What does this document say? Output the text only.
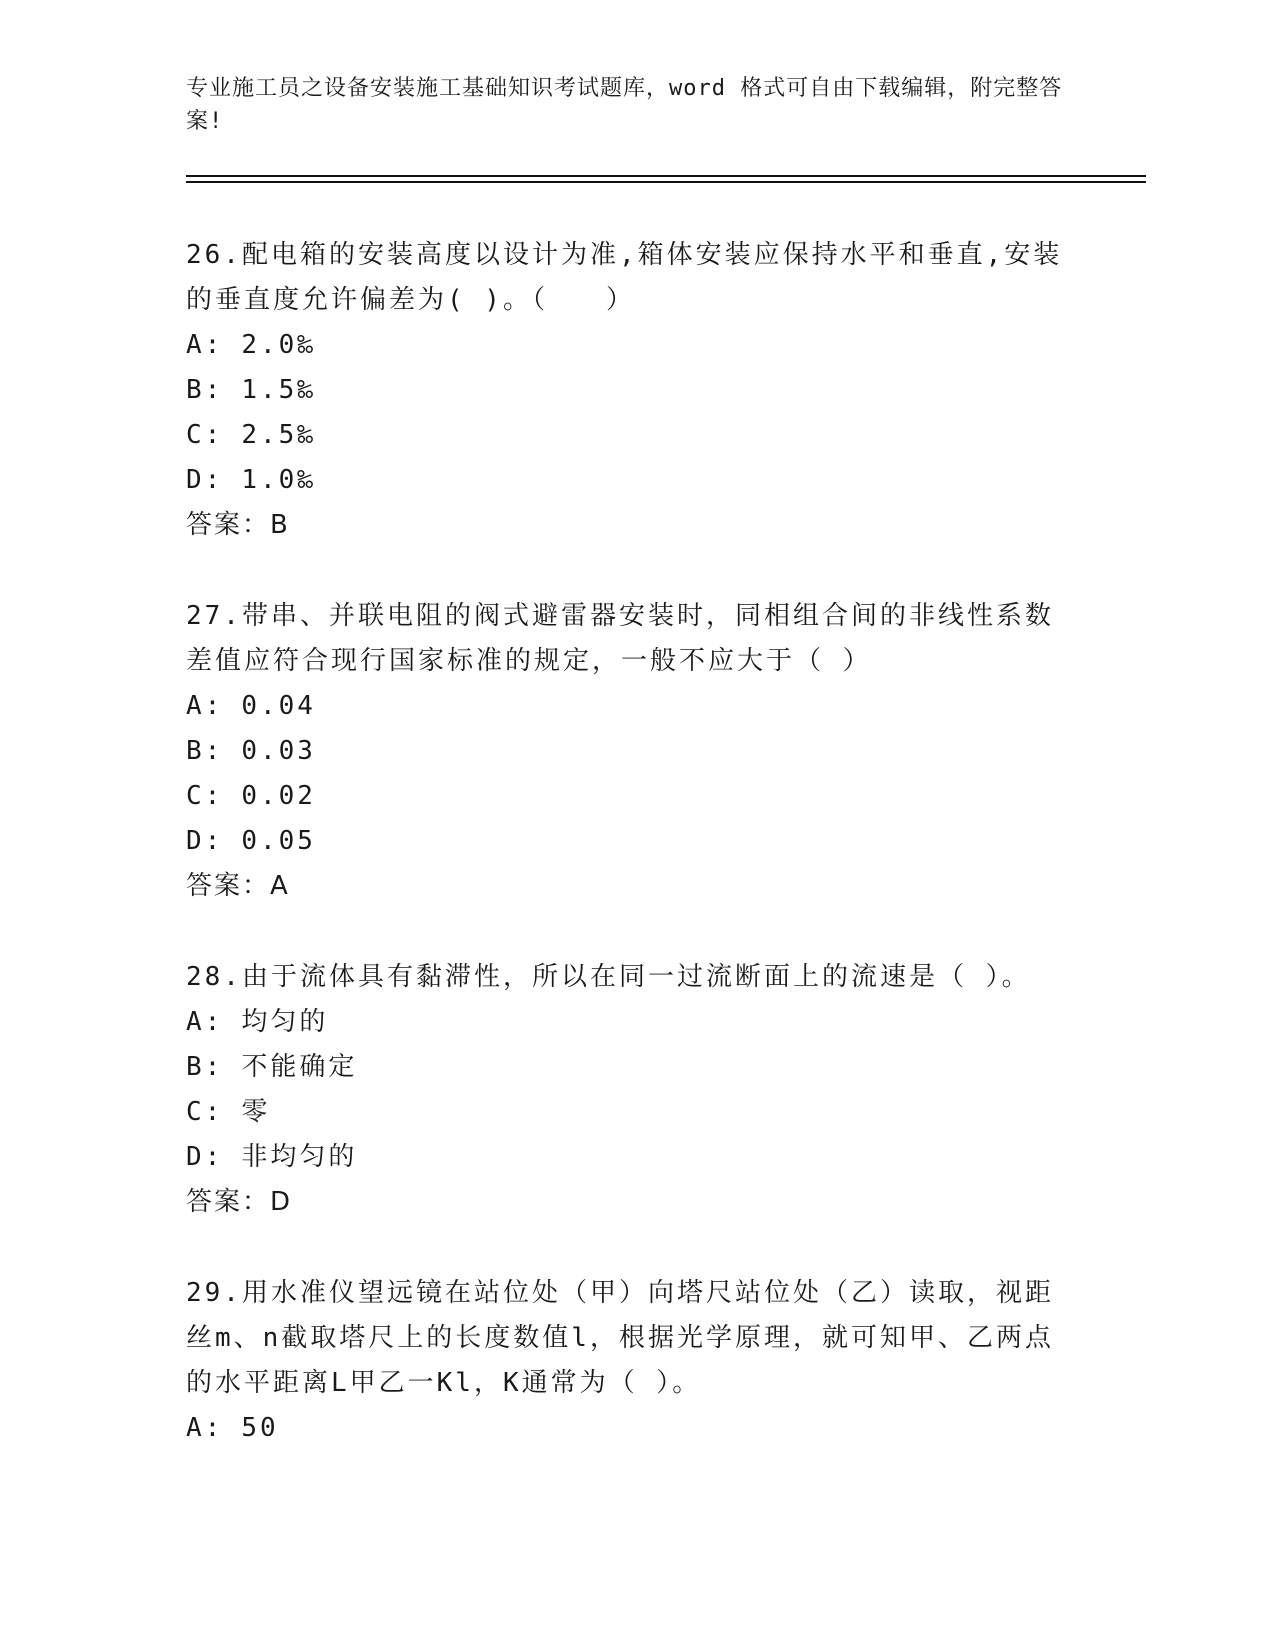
专业施工员之设备安装施工基础知识考试题库，word 格式可自由下载编辑，附完整答案!

26.配电箱的安装高度以设计为准,箱体安装应保持水平和垂直,安装的垂直度允许偏差为( )。（　　）

A: 2.0‰

B: 1.5‰

C: 2.5‰

D: 1.0‰

答案：B

27.带串、并联电阻的阀式避雷器安装时，同相组合间的非线性系数差值应符合现行国家标准的规定，一般不应大于（ ）

A: 0.04

B: 0.03

C: 0.02

D: 0.05

答案：A

28.由于流体具有黏滞性，所以在同一过流断面上的流速是（ ）。

A: 均匀的

B: 不能确定

C: 零

D: 非均匀的

答案：D

29.用水准仪望远镜在站位处（甲）向塔尺站位处（乙）读取，视距丝m、n截取塔尺上的长度数值l，根据光学原理，就可知甲、乙两点的水平距离L甲乙一Kl，K通常为（ ）。

A: 50
